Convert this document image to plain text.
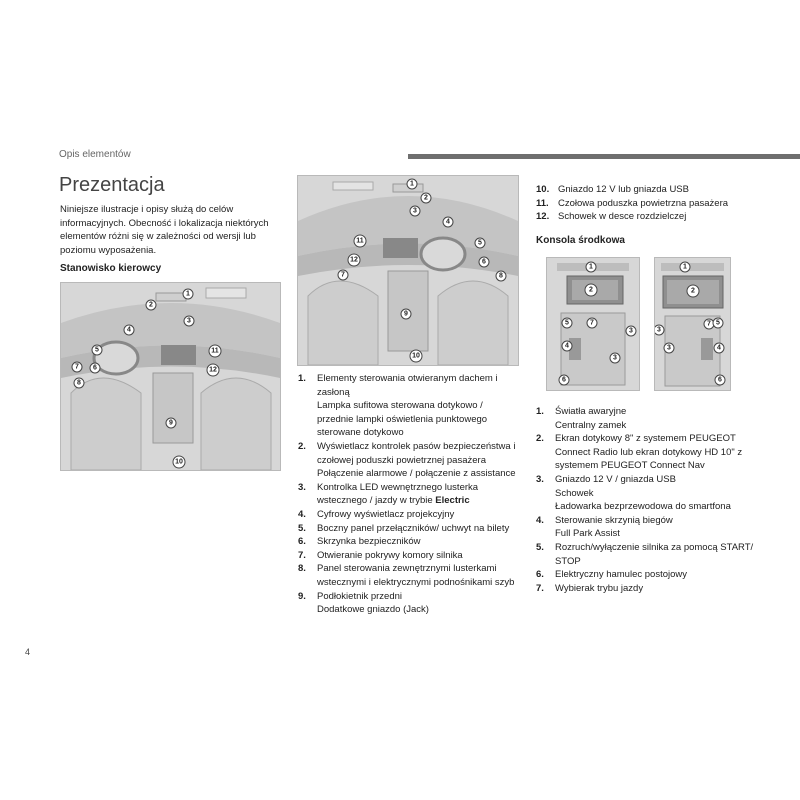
Opis elementów
Prezentacja
Niniejsze ilustracje i opisy służą do celów informacyjnych. Obecność i lokalizacja niektórych elementów różni się w zależności od wersji lub poziomu wyposażenia.
Stanowisko kierowcy
1
2
3
4
5
6
7
8
9
10
11
12
1
2
3
4
5
6
7	8
9
10
11
12
1. Elementy sterowania otwieranym dachem i zasłoną
Lampka sufitowa sterowana dotykowo / przednie lampki oświetlenia punktowego sterowane dotykowo
2. Wyświetlacz kontrolek pasów bezpieczeństwa i czołowej poduszki powietrznej pasażera
Połączenie alarmowe / połączenie z assistance
3. Kontrolka LED wewnętrznego lusterka wstecznego / jazdy w trybie Electric
4. Cyfrowy wyświetlacz projekcyjny
5. Boczny panel przełączników/ uchwyt na bilety
6. Skrzynka bezpieczników
7. Otwieranie pokrywy komory silnika
8. Panel sterowania zewnętrznymi lusterkami wstecznymi i elektrycznymi podnośnikami szyb
9. Podłokietnik przedni
Dodatkowe gniazdo (Jack)
10. Gniazdo 12 V lub gniazda USB
11. Czołowa poduszka powietrzna pasażera
12. Schowek w desce rozdzielczej
Konsola środkowa
1
2
3
4
5
6
7
3
1
2
3
3
7
4
5
6
1. Światła awaryjne
Centralny zamek
2. Ekran dotykowy 8" z systemem PEUGEOT Connect Radio lub ekran dotykowy HD 10" z systemem PEUGEOT Connect Nav
3. Gniazdo 12 V / gniazda USB
Schowek
Ładowarka bezprzewodowa do smartfona
4. Sterowanie skrzynią biegów
Full Park Assist
5. Rozruch/wyłączenie silnika za pomocą START/ STOP
6. Elektryczny hamulec postojowy
7. Wybierak trybu jazdy
4
